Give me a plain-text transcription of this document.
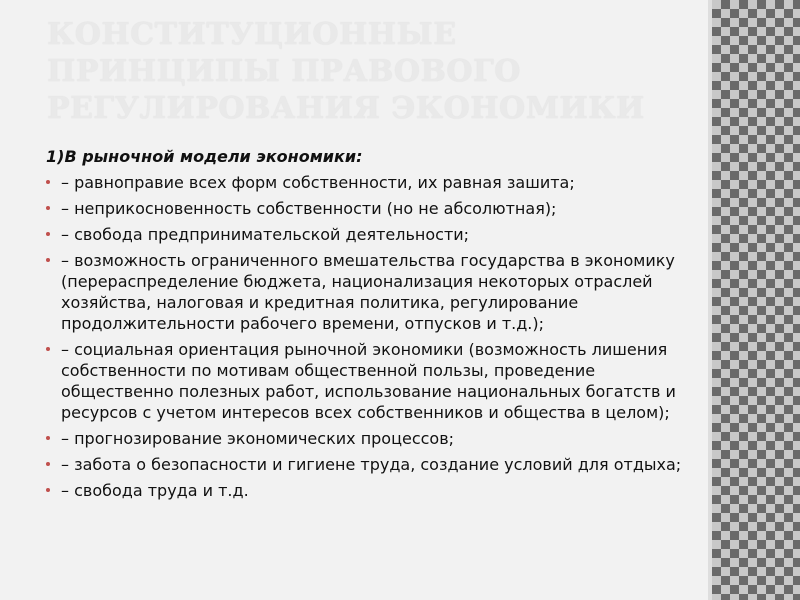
КОНСТИТУЦИОННЫЕ ПРИНЦИПЫ ПРАВОВОГО РЕГУЛИРОВАНИЯ ЭКОНОМИКИ
1)В рыночной модели экономики:
– равноправие всех форм собственности, их равная зашита;
– неприкосновенность собственности (но не абсолютная);
– свобода предпринимательской деятельности;
– возможность ограниченного вмешательства государства в экономику (перераспределение бюджета, национализация некоторых отраслей хозяйства, налоговая и кредитная политика, регулирование продолжительности рабочего времени, отпусков и т.д.);
– социальная ориентация рыночной экономики (возможность лишения собственности по мотивам общественной пользы, проведение общественно полезных работ, использование национальных богатств и ресурсов с учетом интересов всех собственников и общества в целом);
– прогнозирование экономических процессов;
– забота о безопасности и гигиене труда, создание условий для отдыха;
– свобода труда и т.д.
